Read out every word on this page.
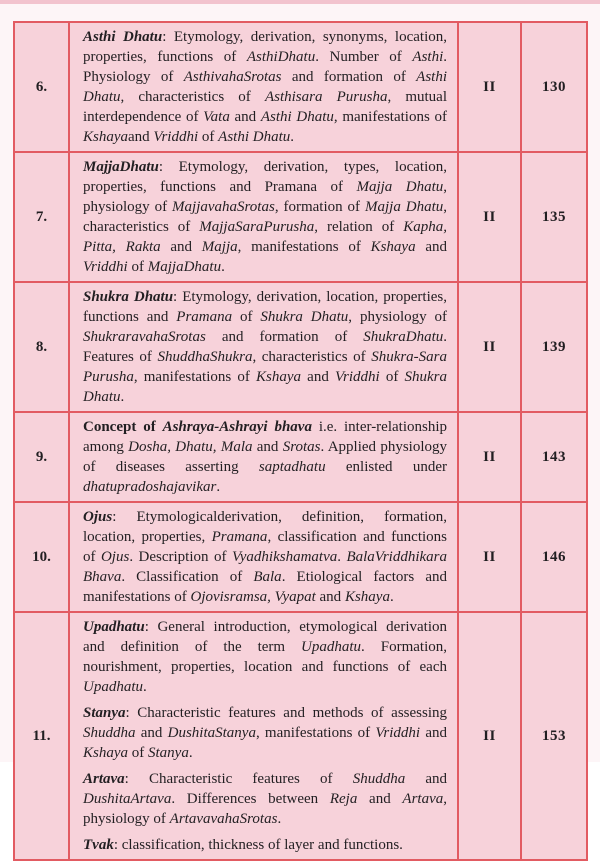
6.	Asthi Dhatu: Etymology, derivation, synonyms, location, properties, functions of AsthiDhatu. Number of Asthi. Physiology of AsthivahaSrotas and formation of Asthi Dhatu, characteristics of Asthisara Purusha, mutual interdependence of Vata and Asthi Dhatu, manifestations of Kshayaand Vriddhi of Asthi Dhatu.	II	130
7.	MajjaDhatu: Etymology, derivation, types, location, properties, functions and Pramana of Majja Dhatu, physiology of MajjavahaSrotas, formation of Majja Dhatu, characteristics of MajjaSaraPurusha, relation of Kapha, Pitta, Rakta and Majja, manifestations of Kshaya and Vriddhi of MajjaDhatu.	II	135
8.	Shukra Dhatu: Etymology, derivation, location, properties, functions and Pramana of Shukra Dhatu, physiology of ShukraravahaSrotas and formation of ShukraDhatu. Features of ShuddhaShukra, characteristics of Shukra-Sara Purusha, manifestations of Kshaya and Vriddhi of Shukra Dhatu.	II	139
9.	Concept of Ashraya-Ashrayi bhava i.e. inter-relationship among Dosha, Dhatu, Mala and Srotas. Applied physiology of diseases asserting saptadhatu enlisted under dhatupradoshajavikar.	II	143
10.	Ojus: Etymologicalderivation, definition, formation, location, properties, Pramana, classification and functions of Ojus. Description of Vyadhikshamatva. BalaVriddhikara Bhava. Classification of Bala. Etiological factors and manifestations of Ojovisramsa, Vyapat and Kshaya.	II	146
11.	Upadhatu: General introduction, etymological derivation and definition of the term Upadhatu. Formation, nourishment, properties, location and functions of each Upadhatu.
Stanya: Characteristic features and methods of assessing Shuddha and DushitaStanya, manifestations of Vriddhi and Kshaya of Stanya.
Artava: Characteristic features of Shuddha and DushitaArtava. Differences between Reja and Artava, physiology of ArtavavahaSrotas.
Tvak: classification, thickness of layer and functions.	II	153
